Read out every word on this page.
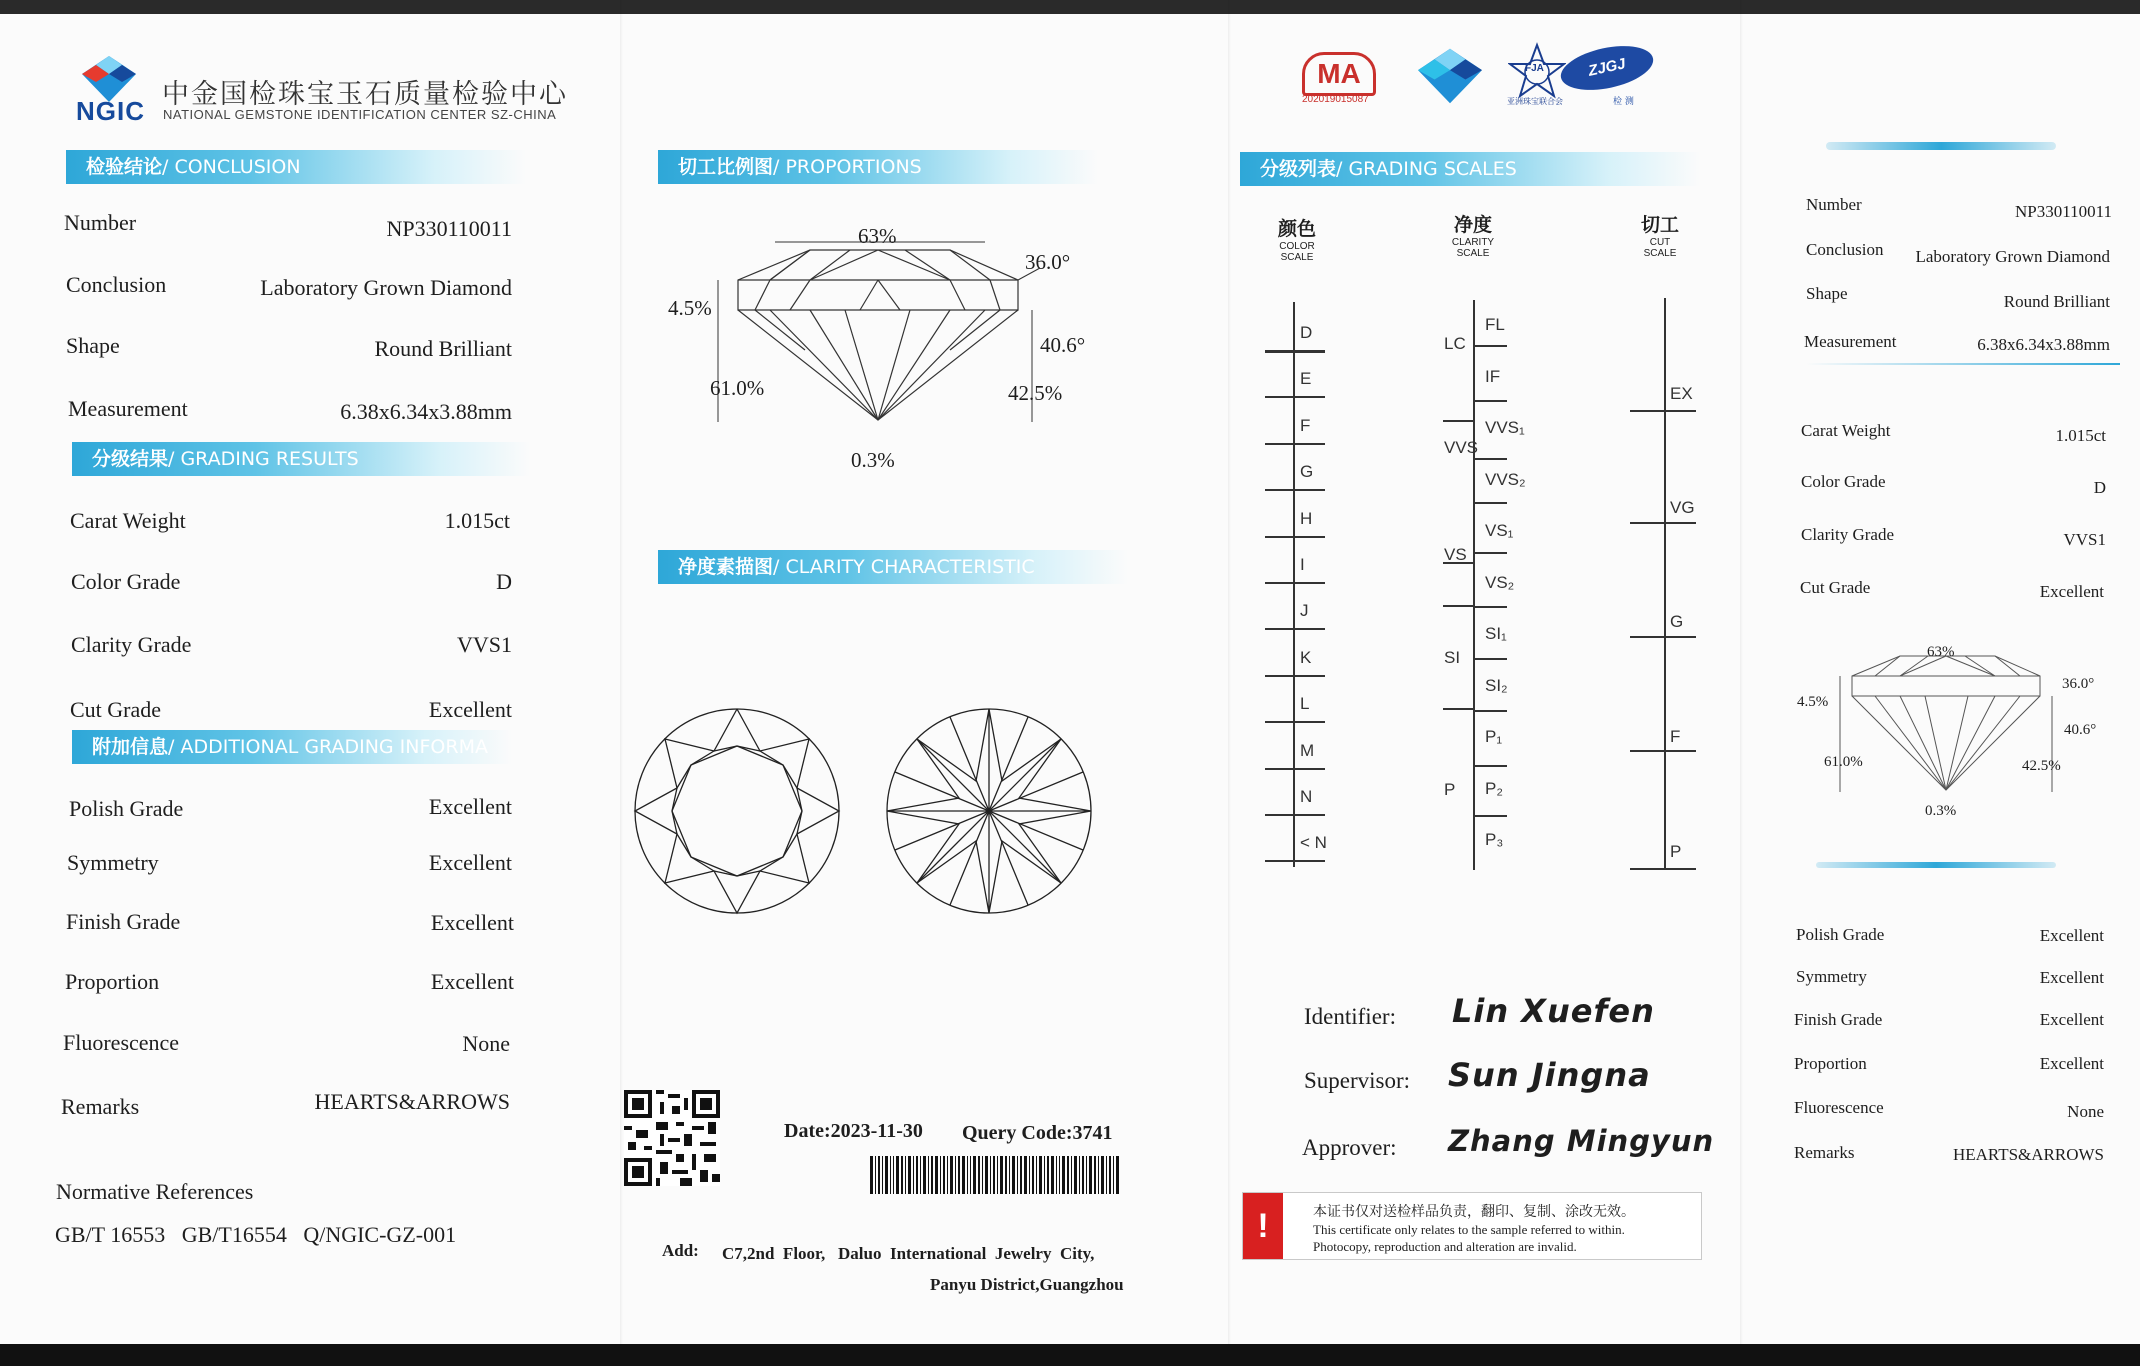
NGIC
中金国检珠宝玉石质量检验中心
NATIONAL GEMSTONE IDENTIFICATION CENTER SZ-CHINA
检验结论/ CONCLUSION
Number	NP330110011
Conclusion	Laboratory Grown Diamond
Shape	Round Brilliant
Measurement	6.38x6.34x3.88mm
分级结果/ GRADING RESULTS
Carat Weight	1.015ct
Color Grade	D
Clarity Grade	VVS1
Cut Grade	Excellent
附加信息/ ADDITIONAL GRADING INFORMA
Polish Grade	Excellent
Symmetry	Excellent
Finish Grade	Excellent
Proportion	Excellent
Fluorescence	None
Remarks	HEARTS&ARROWS
Normative References
GB/T 16553   GB/T16554   Q/NGIC-GZ-001
切工比例图/ PROPORTIONS
63%
36.0°
4.5%
40.6°
61.0%	42.5%
0.3%
净度素描图/ CLARITY CHARACTERISTIC
Date:2023-11-30 Query Code:3741
Add: C7,2nd  Floor,   Daluo  International  Jewelry  City,
Panyu District,Guangzhou
MA
202019015087
FJA
亚洲珠宝联合会
ZJGJ
检 测
分级列表/ GRADING SCALES
颜色
COLOR
SCALE
净度
CLARITY
SCALE
切工
CUT
SCALE
D
E
F
G
H
I
J
K
L
M
N
< N
FL
IF
VVS₁
VVS₂
VS₁
VS₂
SI₁
SI₂
P₁
P₂
P₃
LC
VVS
VS
SI
P
EX
VG
G
F
P
Identifier: Lin Xuefen
Supervisor: Sun Jingna
Approver: Zhang Mingyun
!	本证书仅对送检样品负责，翻印、复制、涂改无效。
This certificate only relates to the sample referred to within.
Photocopy, reproduction and alteration are invalid.
Number	NP330110011
Conclusion Laboratory Grown Diamond
Shape	Round Brilliant
Measurement	6.38x6.34x3.88mm
Carat Weight	1.015ct
Color Grade	D
Clarity Grade	VVS1
Cut Grade	Excellent
63%
36.0°
4.5%
40.6°
61.0%	42.5%
0.3%
Polish Grade	Excellent
Symmetry	Excellent
Finish Grade	Excellent
Proportion	Excellent
Fluorescence	None
Remarks	HEARTS&ARROWS
